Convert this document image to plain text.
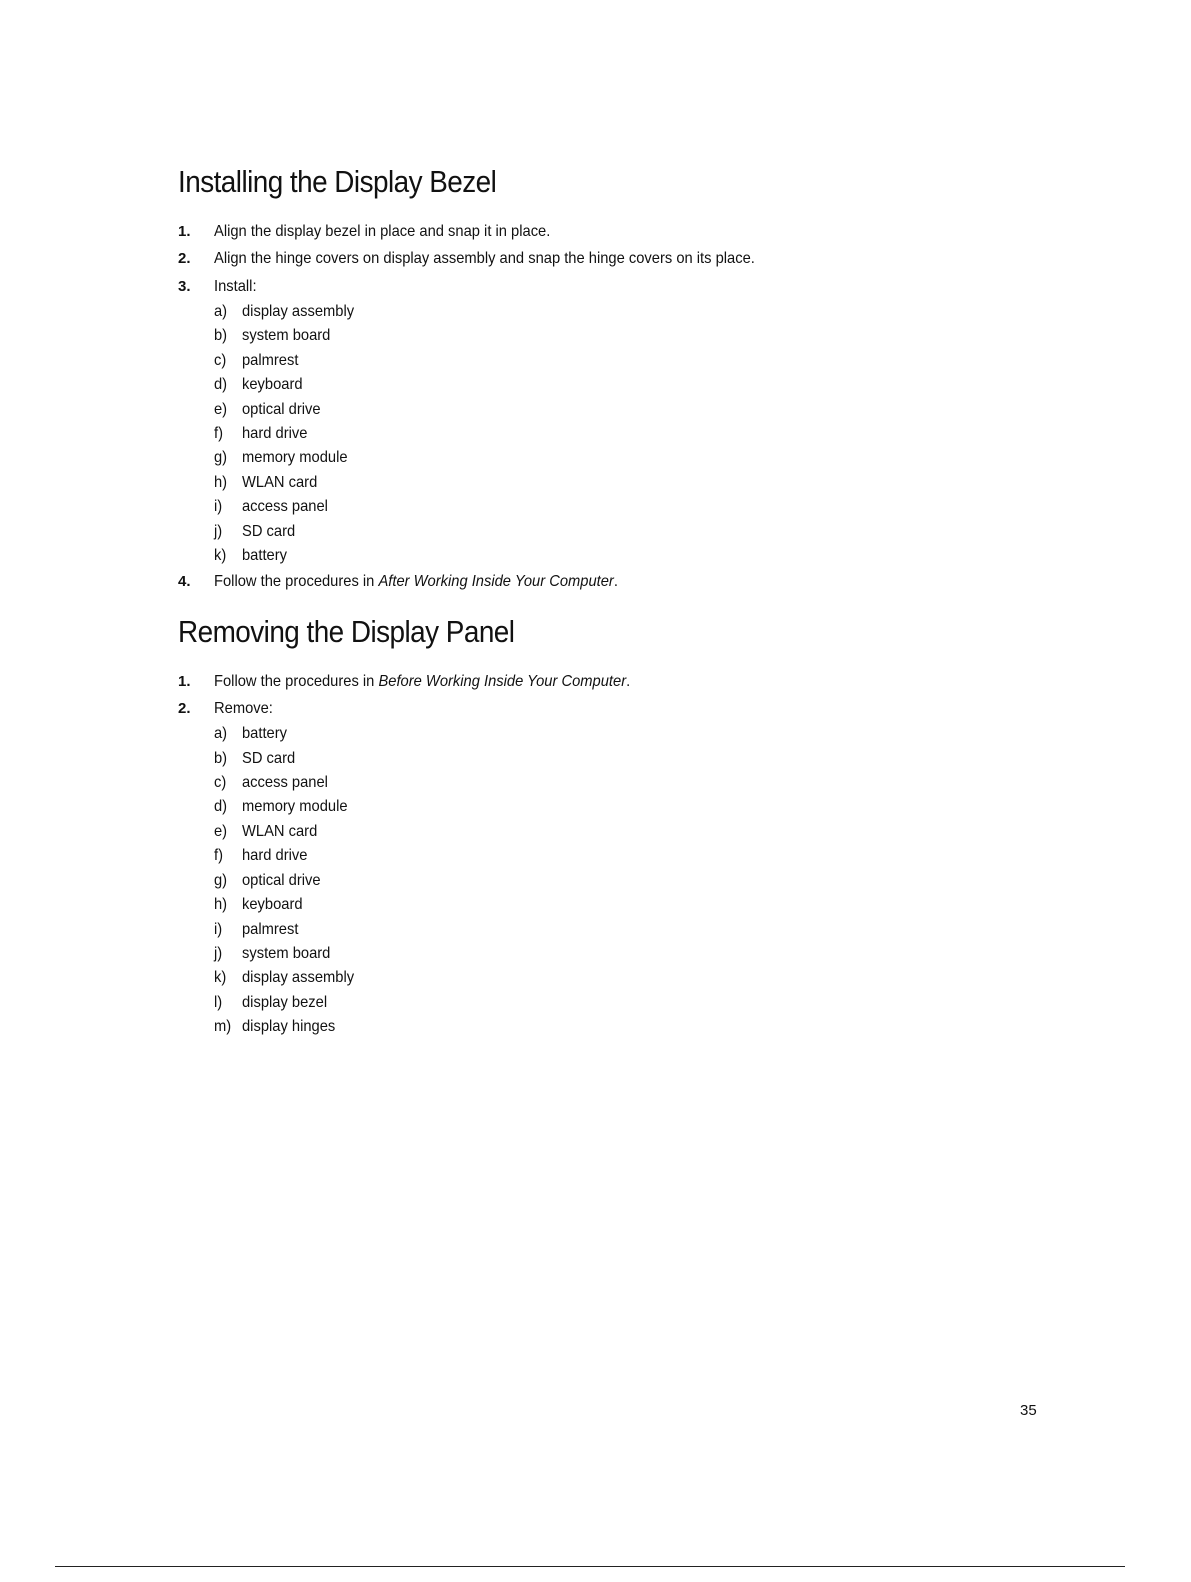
Installing the Display Bezel
1. Align the display bezel in place and snap it in place.
2. Align the hinge covers on display assembly and snap the hinge covers on its place.
3. Install:
a) display assembly
b) system board
c) palmrest
d) keyboard
e) optical drive
f) hard drive
g) memory module
h) WLAN card
i) access panel
j) SD card
k) battery
4. Follow the procedures in After Working Inside Your Computer.
Removing the Display Panel
1. Follow the procedures in Before Working Inside Your Computer.
2. Remove:
a) battery
b) SD card
c) access panel
d) memory module
e) WLAN card
f) hard drive
g) optical drive
h) keyboard
i) palmrest
j) system board
k) display assembly
l) display bezel
m) display hinges
35
